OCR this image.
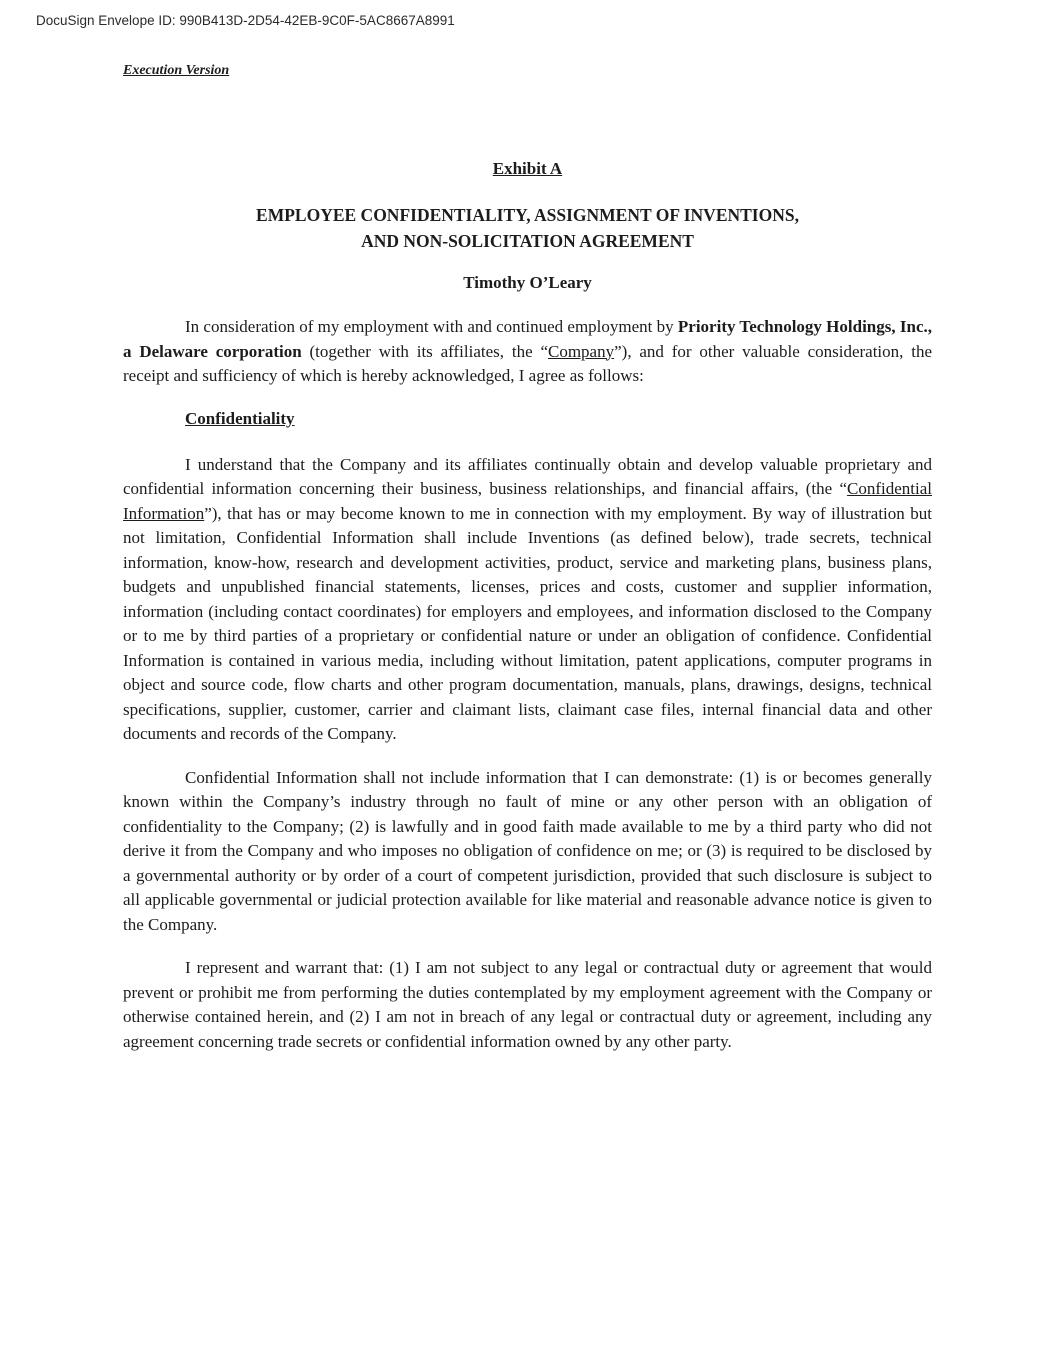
DocuSign Envelope ID: 990B413D-2D54-42EB-9C0F-5AC8667A8991
Execution Version
Exhibit A
EMPLOYEE CONFIDENTIALITY, ASSIGNMENT OF INVENTIONS,
AND NON-SOLICITATION AGREEMENT
Timothy O’Leary

In consideration of my employment with and continued employment by Priority Technology Holdings, Inc., a Delaware corporation (together with its affiliates, the “Company”), and for other valuable consideration, the receipt and sufficiency of which is hereby acknowledged, I agree as follows:

Confidentiality

I understand that the Company and its affiliates continually obtain and develop valuable proprietary and confidential information concerning their business, business relationships, and financial affairs, (the “Confidential Information”), that has or may become known to me in connection with my employment. By way of illustration but not limitation, Confidential Information shall include Inventions (as defined below), trade secrets, technical information, know-how, research and development activities, product, service and marketing plans, business plans, budgets and unpublished financial statements, licenses, prices and costs, customer and supplier information, information (including contact coordinates) for employers and employees, and information disclosed to the Company or to me by third parties of a proprietary or confidential nature or under an obligation of confidence. Confidential Information is contained in various media, including without limitation, patent applications, computer programs in object and source code, flow charts and other program documentation, manuals, plans, drawings, designs, technical specifications, supplier, customer, carrier and claimant lists, claimant case files, internal financial data and other documents and records of the Company.

Confidential Information shall not include information that I can demonstrate: (1) is or becomes generally known within the Company’s industry through no fault of mine or any other person with an obligation of confidentiality to the Company; (2) is lawfully and in good faith made available to me by a third party who did not derive it from the Company and who imposes no obligation of confidence on me; or (3) is required to be disclosed by a governmental authority or by order of a court of competent jurisdiction, provided that such disclosure is subject to all applicable governmental or judicial protection available for like material and reasonable advance notice is given to the Company.

I represent and warrant that: (1) I am not subject to any legal or contractual duty or agreement that would prevent or prohibit me from performing the duties contemplated by my employment agreement with the Company or otherwise contained herein, and (2) I am not in breach of any legal or contractual duty or agreement, including any agreement concerning trade secrets or confidential information owned by any other party.
